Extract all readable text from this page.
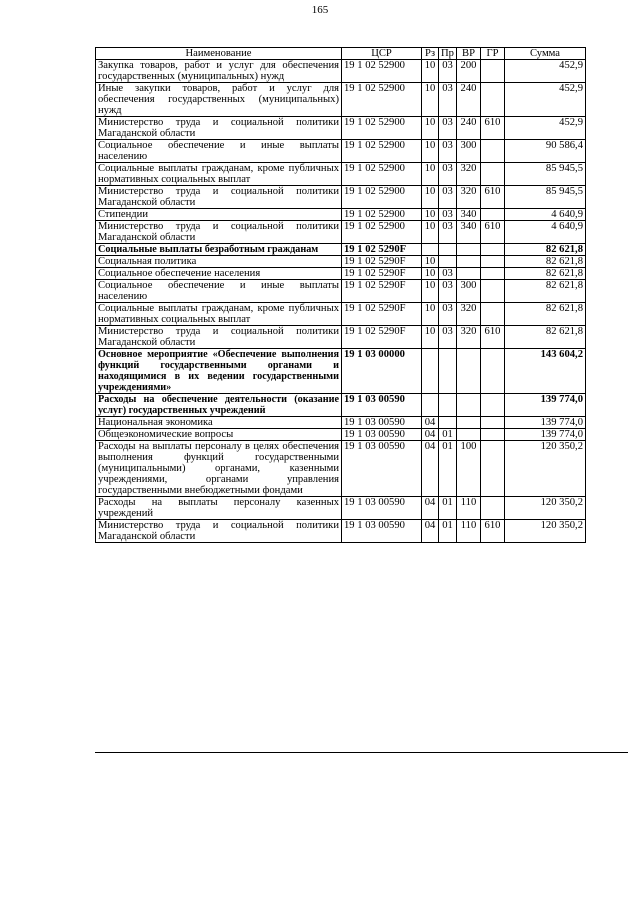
165
Наименование	ЦСР	Рз	Пр	ВР	ГР	Сумма
Закупка товаров, работ и услуг для обеспечения государственных (муниципальных) нужд	19 1 02 52900	10	03	200		452,9
Иные закупки товаров, работ и услуг для обеспечения государственных (муниципальных) нужд	19 1 02 52900	10	03	240		452,9
Министерство труда и социальной политики Магаданской области	19 1 02 52900	10	03	240	610	452,9
Социальное обеспечение и иные выплаты населению	19 1 02 52900	10	03	300		90 586,4
Социальные выплаты гражданам, кроме публичных нормативных социальных выплат	19 1 02 52900	10	03	320		85 945,5
Министерство труда и социальной политики Магаданской области	19 1 02 52900	10	03	320	610	85 945,5
Стипендии	19 1 02 52900	10	03	340		4 640,9
Министерство труда и социальной политики Магаданской области	19 1 02 52900	10	03	340	610	4 640,9
Социальные выплаты безработным гражданам	19 1 02 5290F					82 621,8
Социальная политика	19 1 02 5290F	10				82 621,8
Социальное обеспечение населения	19 1 02 5290F	10	03			82 621,8
Социальное обеспечение и иные выплаты населению	19 1 02 5290F	10	03	300		82 621,8
Социальные выплаты гражданам, кроме публичных нормативных социальных выплат	19 1 02 5290F	10	03	320		82 621,8
Министерство труда и социальной политики Магаданской области	19 1 02 5290F	10	03	320	610	82 621,8
Основное мероприятие «Обеспечение выполнения функций государственными органами и находящимися в их ведении государственными учреждениями»	19 1 03 00000					143 604,2
Расходы на обеспечение деятельности (оказание услуг) государственных учреждений	19 1 03 00590					139 774,0
Национальная экономика	19 1 03 00590	04				139 774,0
Общеэкономические вопросы	19 1 03 00590	04	01			139 774,0
Расходы на выплаты персоналу в целях обеспечения выполнения функций государственными (муниципальными) органами, казенными учреждениями, органами управления государственными внебюджетными фондами	19 1 03 00590	04	01	100		120 350,2
Расходы на выплаты персоналу казенных учреждений	19 1 03 00590	04	01	110		120 350,2
Министерство труда и социальной политики Магаданской области	19 1 03 00590	04	01	110	610	120 350,2
